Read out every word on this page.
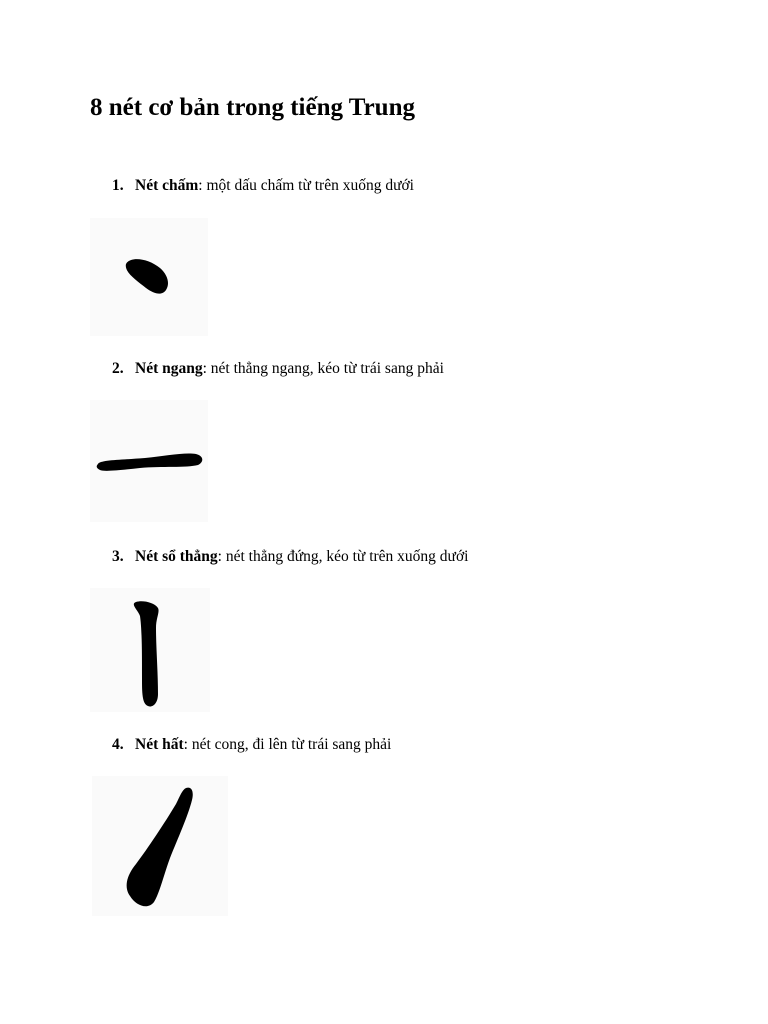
8 nét cơ bản trong tiếng Trung
1. Nét chấm: một dấu chấm từ trên xuống dưới
2. Nét ngang: nét thẳng ngang, kéo từ trái sang phải
3. Nét sổ thẳng: nét thẳng đứng, kéo từ trên xuống dưới
4. Nét hất: nét cong, đi lên từ trái sang phải
